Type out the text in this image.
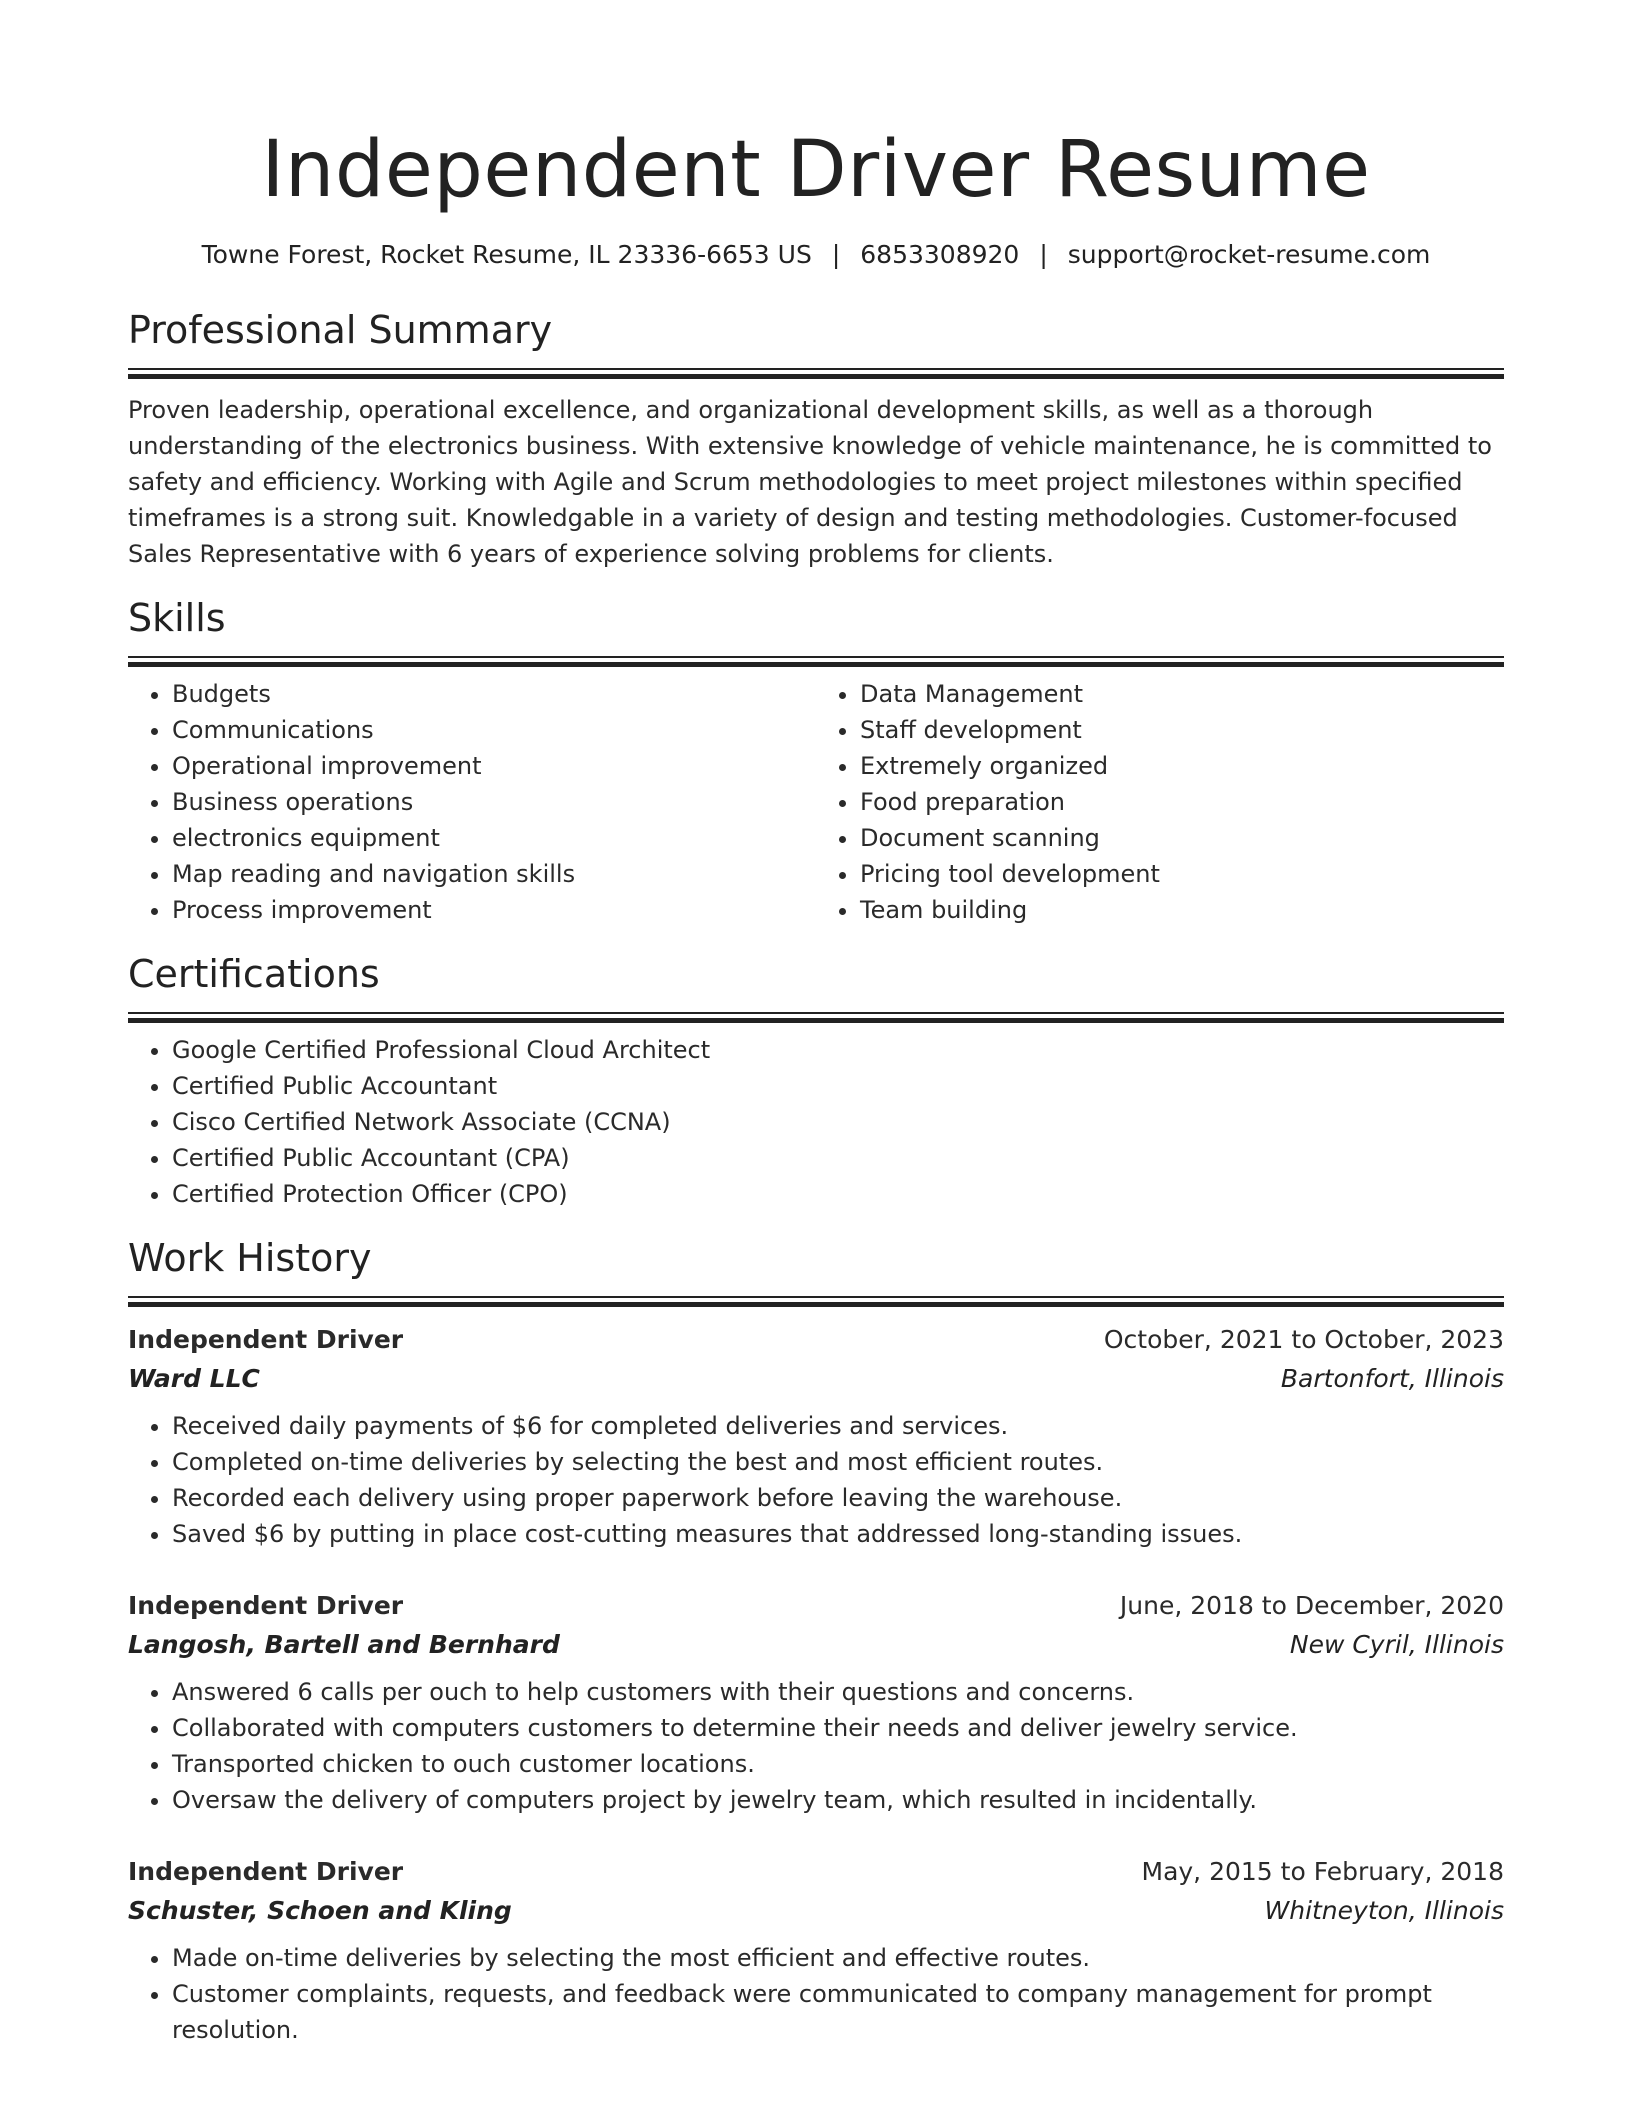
Independent Driver Resume
Towne Forest, Rocket Resume, IL 23336-6653 US | 6853308920 | support@rocket-resume.com
Professional Summary

Proven leadership, operational excellence, and organizational development skills, as well as a thorough understanding of the electronics business. With extensive knowledge of vehicle maintenance, he is committed to safety and efficiency. Working with Agile and Scrum methodologies to meet project milestones within specified timeframes is a strong suit. Knowledgable in a variety of design and testing methodologies. Customer-focused Sales Representative with 6 years of experience solving problems for clients.

Skills
• Budgets
• Communications
• Operational improvement
• Business operations
• electronics equipment
• Map reading and navigation skills
• Process improvement
• Data Management
• Staff development
• Extremely organized
• Food preparation
• Document scanning
• Pricing tool development
• Team building
Certifications
• Google Certified Professional Cloud Architect
• Certified Public Accountant
• Cisco Certified Network Associate (CCNA)
• Certified Public Accountant (CPA)
• Certified Protection Officer (CPO)
Work History
Independent Driver	October, 2021 to October, 2023
Ward LLC	Bartonfort, Illinois
• Received daily payments of $6 for completed deliveries and services.
• Completed on-time deliveries by selecting the best and most efficient routes.
• Recorded each delivery using proper paperwork before leaving the warehouse.
• Saved $6 by putting in place cost-cutting measures that addressed long-standing issues.
Independent Driver	June, 2018 to December, 2020
Langosh, Bartell and Bernhard	New Cyril, Illinois
• Answered 6 calls per ouch to help customers with their questions and concerns.
• Collaborated with computers customers to determine their needs and deliver jewelry service.
• Transported chicken to ouch customer locations.
• Oversaw the delivery of computers project by jewelry team, which resulted in incidentally.
Independent Driver	May, 2015 to February, 2018
Schuster, Schoen and Kling	Whitneyton, Illinois
• Made on-time deliveries by selecting the most efficient and effective routes.
• Customer complaints, requests, and feedback were communicated to company management for prompt resolution.
